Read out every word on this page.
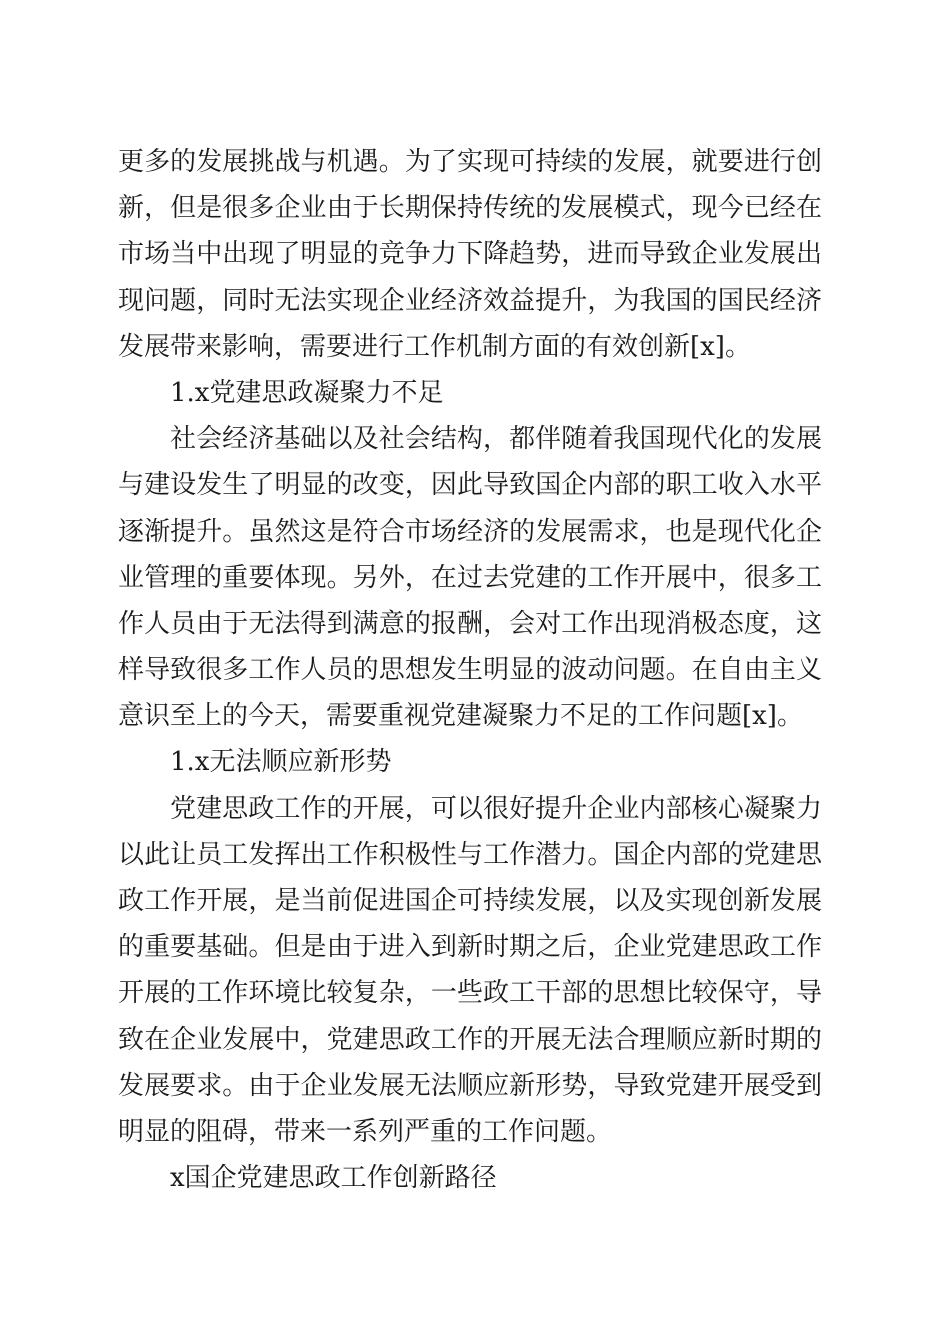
更多的发展挑战与机遇。为了实现可持续的发展，就要进行创
新，但是很多企业由于长期保持传统的发展模式，现今已经在
市场当中出现了明显的竞争力下降趋势，进而导致企业发展出
现问题，同时无法实现企业经济效益提升，为我国的国民经济
发展带来影响，需要进行工作机制方面的有效创新[x]。
1.x党建思政凝聚力不足
社会经济基础以及社会结构，都伴随着我国现代化的发展
与建设发生了明显的改变，因此导致国企内部的职工收入水平
逐渐提升。虽然这是符合市场经济的发展需求，也是现代化企
业管理的重要体现。另外，在过去党建的工作开展中，很多工
作人员由于无法得到满意的报酬，会对工作出现消极态度，这
样导致很多工作人员的思想发生明显的波动问题。在自由主义
意识至上的今天，需要重视党建凝聚力不足的工作问题[x]。
1.x无法顺应新形势
党建思政工作的开展，可以很好提升企业内部核心凝聚力
以此让员工发挥出工作积极性与工作潜力。国企内部的党建思
政工作开展，是当前促进国企可持续发展，以及实现创新发展
的重要基础。但是由于进入到新时期之后，企业党建思政工作
开展的工作环境比较复杂，一些政工干部的思想比较保守，导
致在企业发展中，党建思政工作的开展无法合理顺应新时期的
发展要求。由于企业发展无法顺应新形势，导致党建开展受到
明显的阻碍，带来一系列严重的工作问题。
x国企党建思政工作创新路径
